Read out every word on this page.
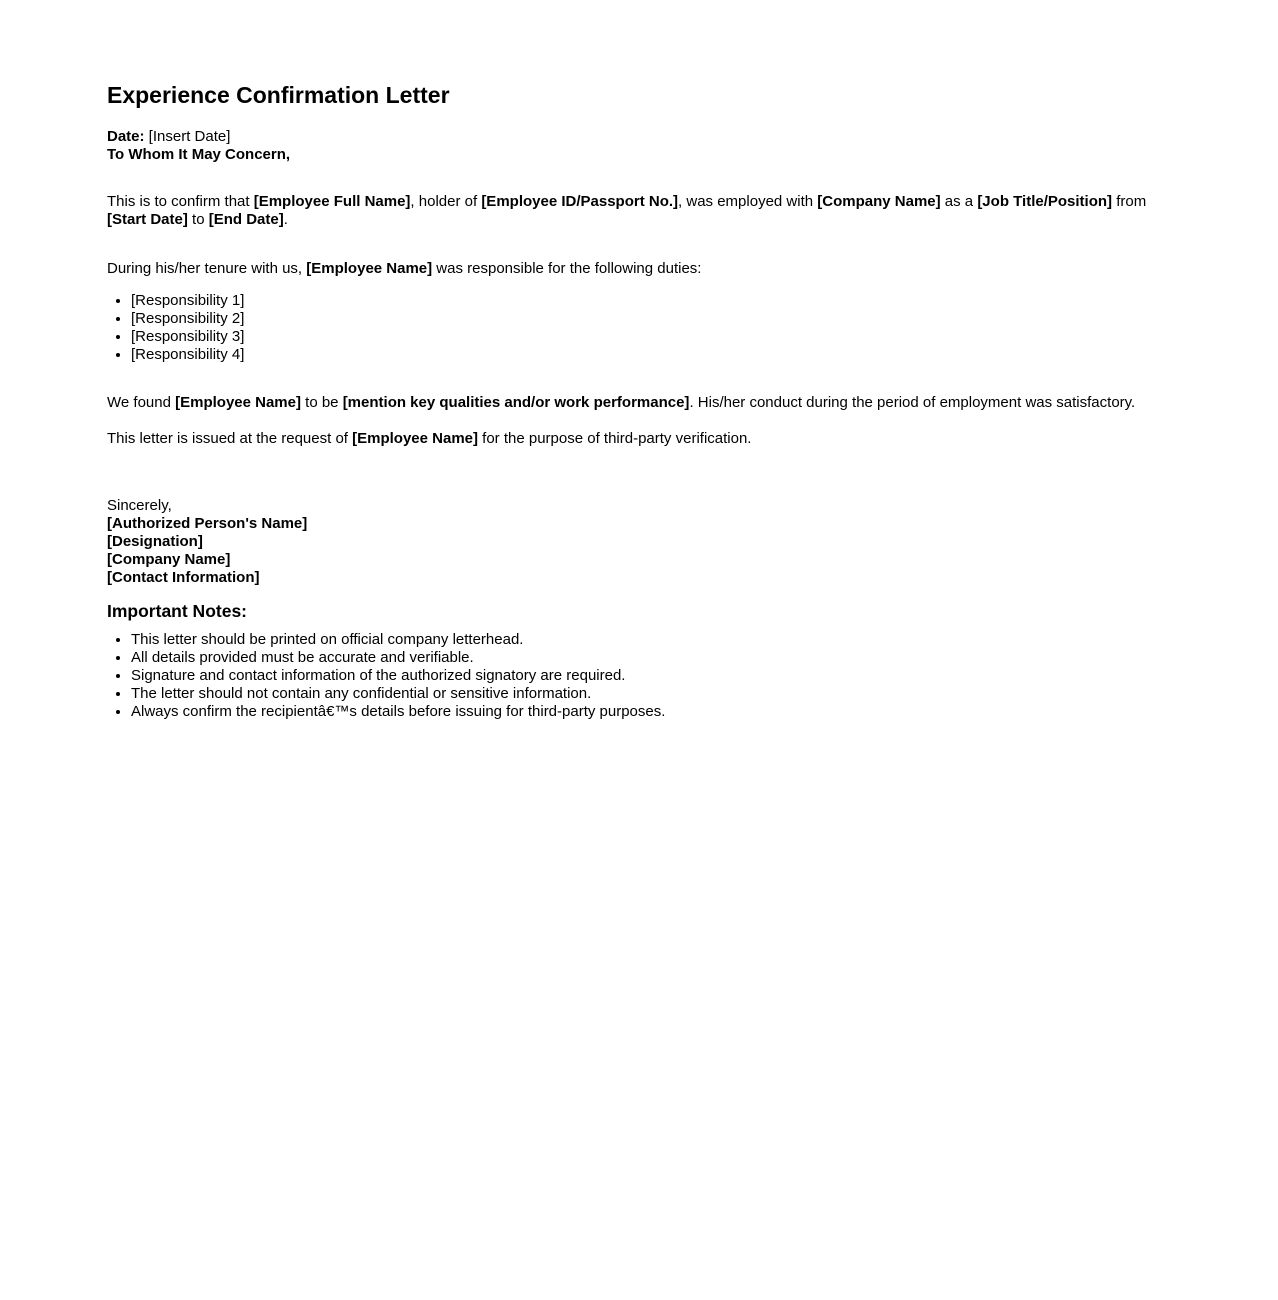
Experience Confirmation Letter

Date: [Insert Date]
To Whom It May Concern,

This is to confirm that [Employee Full Name], holder of [Employee ID/Passport No.], was employed with [Company Name] as a [Job Title/Position] from [Start Date] to [End Date].

During his/her tenure with us, [Employee Name] was responsible for the following duties:

• [Responsibility 1]
• [Responsibility 2]
• [Responsibility 3]
• [Responsibility 4]

We found [Employee Name] to be [mention key qualities and/or work performance]. His/her conduct during the period of employment was satisfactory.

This letter is issued at the request of [Employee Name] for the purpose of third-party verification.

Sincerely,
[Authorized Person's Name]
[Designation]
[Company Name]
[Contact Information]

Important Notes:
• This letter should be printed on official company letterhead.
• All details provided must be accurate and verifiable.
• Signature and contact information of the authorized signatory are required.
• The letter should not contain any confidential or sensitive information.
• Always confirm the recipientâ€™s details before issuing for third-party purposes.
